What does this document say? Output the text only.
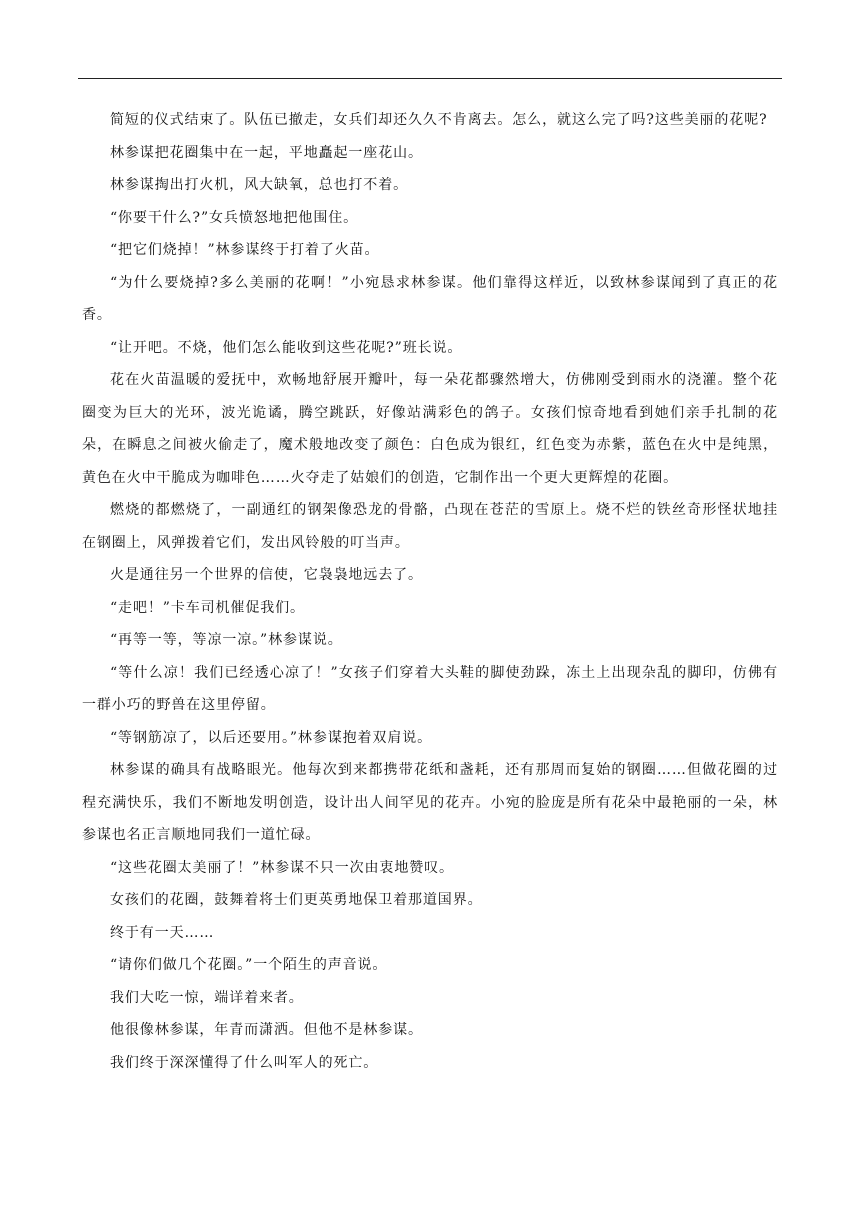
简短的仪式结束了。队伍已撤走，女兵们却还久久不肯离去。怎么，就这么完了吗?这些美丽的花呢?

林参谋把花圈集中在一起，平地矗起一座花山。

林参谋掏出打火机，风大缺氧，总也打不着。

“你要干什么?”女兵愤怒地把他围住。

“把它们烧掉！”林参谋终于打着了火苗。

“为什么要烧掉?多么美丽的花啊！”小宛恳求林参谋。他们靠得这样近，以致林参谋闻到了真正的花香。

“让开吧。不烧，他们怎么能收到这些花呢?”班长说。

花在火苗温暖的爱抚中，欢畅地舒展开瓣叶，每一朵花都骤然增大，仿佛刚受到雨水的浇灌。整个花圈变为巨大的光环，波光诡谲，腾空跳跃，好像站满彩色的鸽子。女孩们惊奇地看到她们亲手扎制的花朵，在瞬息之间被火偷走了，魔术般地改变了颜色：白色成为银红，红色变为赤紫，蓝色在火中是纯黑，黄色在火中干脆成为咖啡色……火夺走了姑娘们的创造，它制作出一个更大更辉煌的花圈。

燃烧的都燃烧了，一副通红的钢架像恐龙的骨骼，凸现在苍茫的雪原上。烧不烂的铁丝奇形怪状地挂在钢圈上，风弹拨着它们，发出风铃般的叮当声。

火是通往另一个世界的信使，它袅袅地远去了。

“走吧！”卡车司机催促我们。

“再等一等，等凉一凉。”林参谋说。

“等什么凉！我们已经透心凉了！”女孩子们穿着大头鞋的脚使劲跺，冻土上出现杂乱的脚印，仿佛有一群小巧的野兽在这里停留。

“等钢筋凉了，以后还要用。”林参谋抱着双肩说。

林参谋的确具有战略眼光。他每次到来都携带花纸和盏耗，还有那周而复始的钢圈……但做花圈的过程充满快乐，我们不断地发明创造，设计出人间罕见的花卉。小宛的脸庞是所有花朵中最艳丽的一朵，林参谋也名正言顺地同我们一道忙碌。

“这些花圈太美丽了！”林参谋不只一次由衷地赞叹。

女孩们的花圈，鼓舞着将士们更英勇地保卫着那道国界。

终于有一天……

“请你们做几个花圈。”一个陌生的声音说。

我们大吃一惊，端详着来者。

他很像林参谋，年青而潇洒。但他不是林参谋。

我们终于深深懂得了什么叫军人的死亡。
